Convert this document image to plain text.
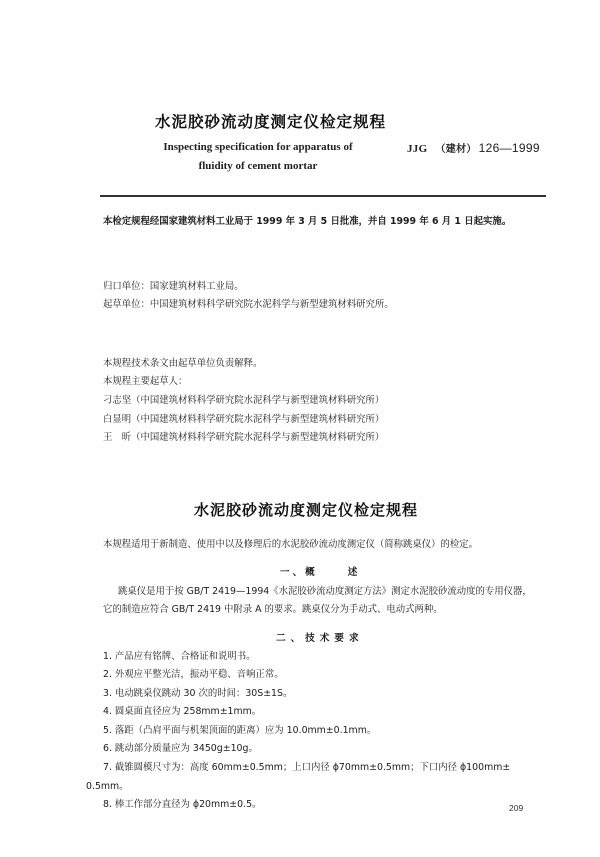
水泥胶砂流动度测定仪检定规程
Inspecting specification for apparatus of
fluidity of cement mortar
JJG （建材） 126—1999
本检定规程经国家建筑材料工业局于 1999 年 3 月 5 日批准，并自 1999 年 6 月 1 日起实施。
归口单位：国家建筑材料工业局。
起草单位：中国建筑材料科学研究院水泥科学与新型建筑材料研究所。
本规程技术条文由起草单位负责解释。
本规程主要起草人：
刁志坚（中国建筑材料科学研究院水泥科学与新型建筑材料研究所）
白显明（中国建筑材料科学研究院水泥科学与新型建筑材料研究所）
王　昕（中国建筑材料科学研究院水泥科学与新型建筑材料研究所）
水泥胶砂流动度测定仪检定规程
本规程适用于新制造、使用中以及修理后的水泥胶砂流动度测定仪（简称跳桌仪）的检定。
一、概	述
跳桌仪是用于按 GB/T 2419—1994《水泥胶砂流动度测定方法》测定水泥胶砂流动度的专用仪器，
它的制造应符合 GB/T 2419 中附录 A 的要求。跳桌仪分为手动式、电动式两种。
二、技术要求
1. 产品应有铭牌、合格证和说明书。
2. 外观应平整光洁，振动平稳、音响正常。
3. 电动跳桌仪跳动 30 次的时间：30S±1S。
4. 圆桌面直径应为 258mm±1mm。
5. 落距（凸肩平面与机架顶面的距离）应为 10.0mm±0.1mm。
6. 跳动部分质量应为 3450g±10g。
7. 截锥圆模尺寸为：高度 60mm±0.5mm；上口内径 ϕ70mm±0.5mm；下口内径 ϕ100mm±
0.5mm。
8. 棒工作部分直径为 ϕ20mm±0.5。	209
